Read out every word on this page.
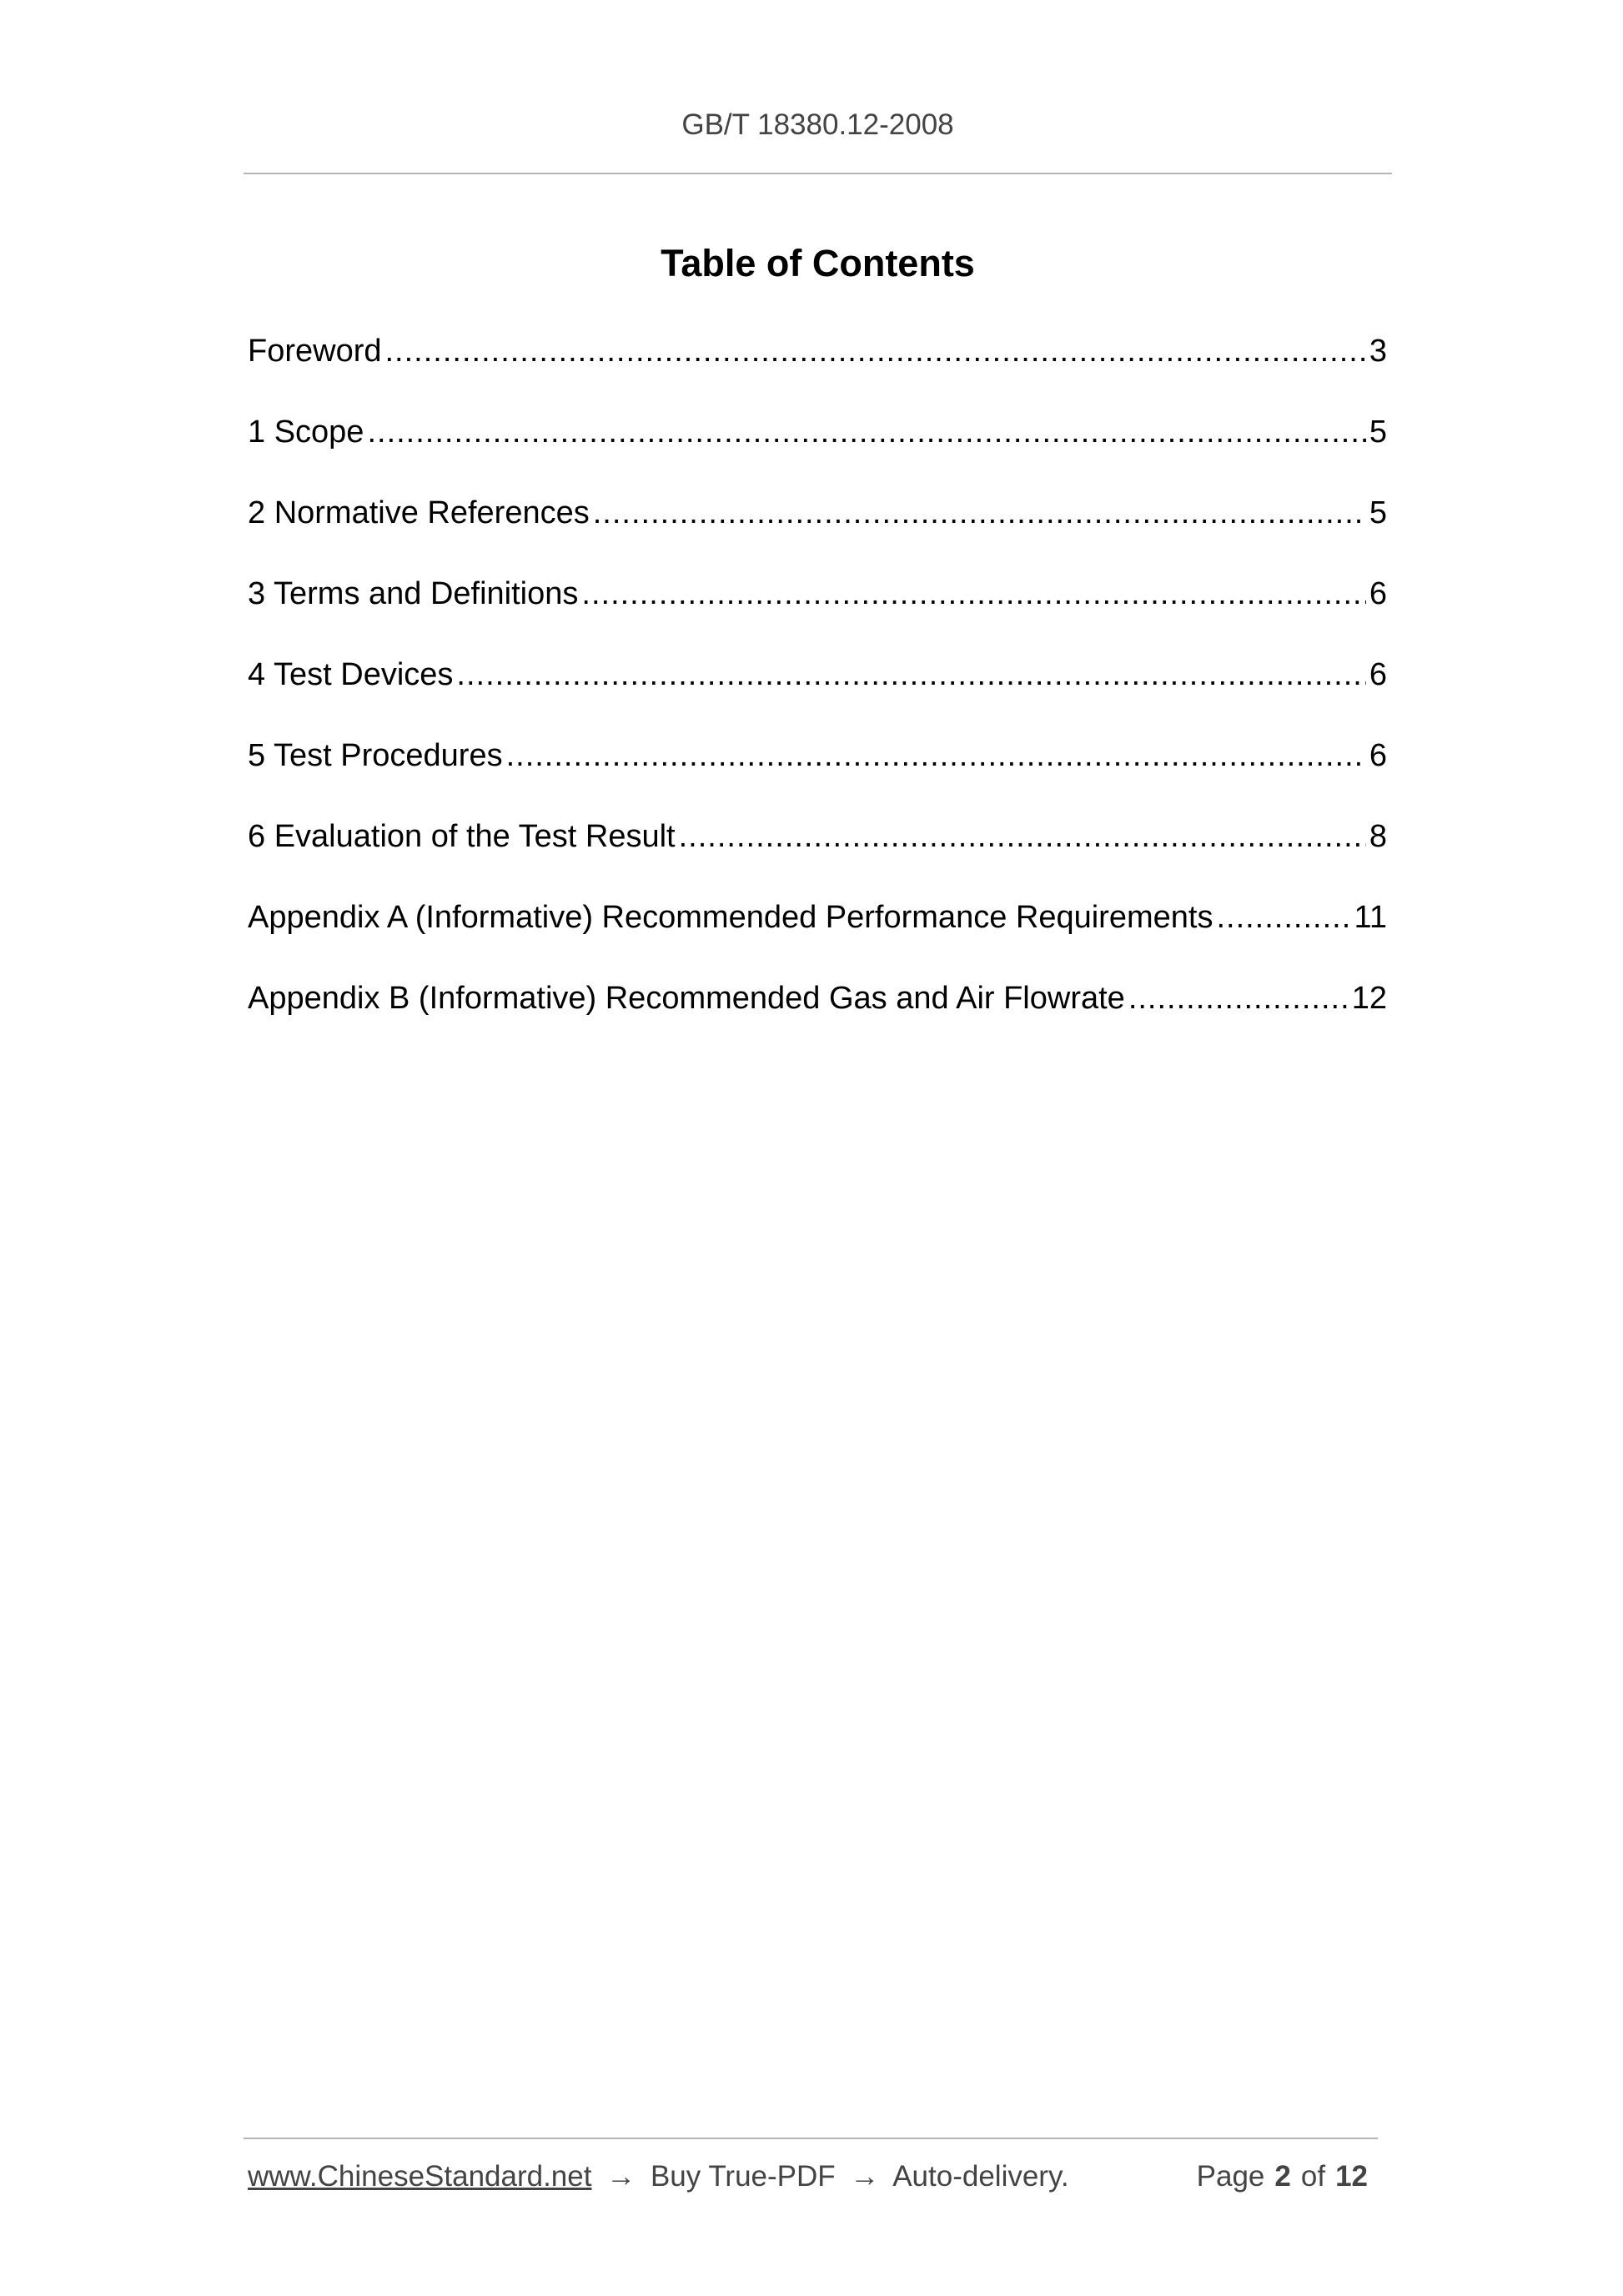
GB/T 18380.12-2008
Table of Contents
Foreword .....	3
1 Scope .....	5
2 Normative References .....	5
3 Terms and Definitions .....	6
4 Test Devices .....	6
5 Test Procedures .....	6
6 Evaluation of the Test Result .....	8
Appendix A (Informative) Recommended Performance Requirements .....	11
Appendix B (Informative) Recommended Gas and Air Flowrate .....	12
www.ChineseStandard.net → Buy True-PDF → Auto-delivery.	Page 2 of 12
